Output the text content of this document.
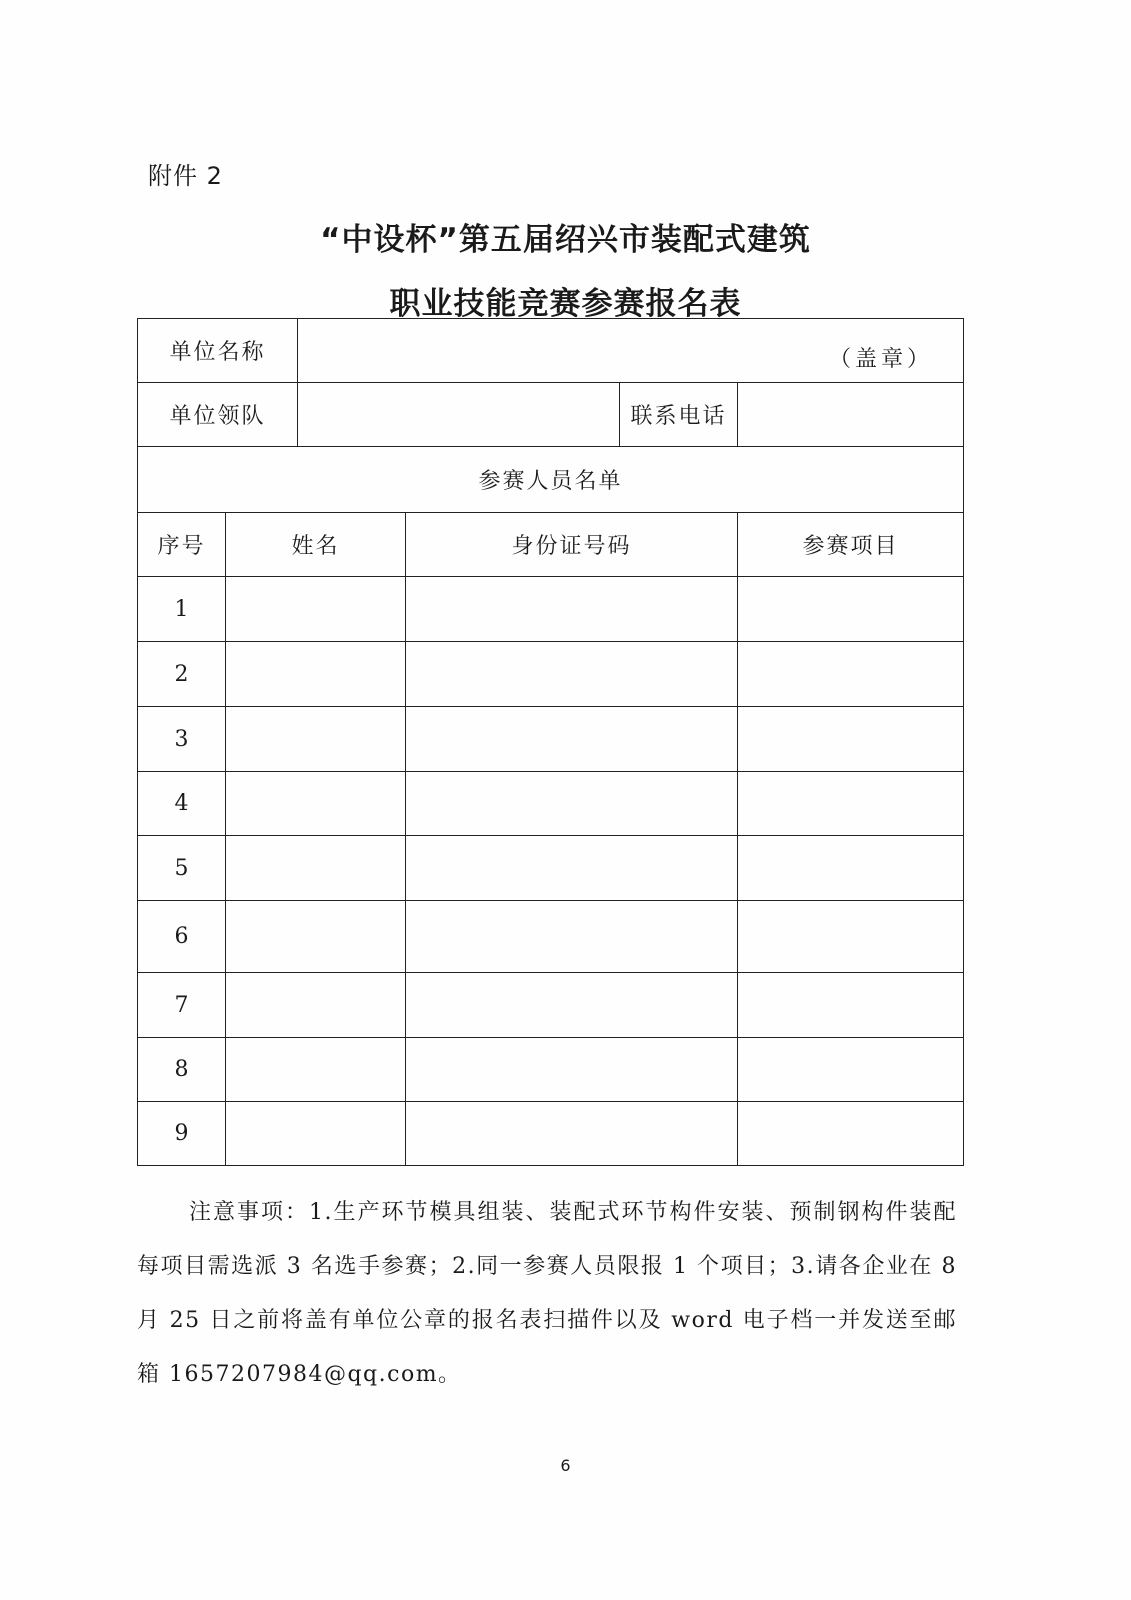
附件 2
“中设杯”第五届绍兴市装配式建筑
职业技能竞赛参赛报名表
单位名称		（盖章）			

单位领队				联系电话	
参赛人员名单					
序号	姓名		身份证号码		参赛项目
1					
2					
3					
4					
5					
6					
7					
8					
9					
注意事项：1.生产环节模具组装、装配式环节构件安装、预制钢构件装配每项目需选派 3 名选手参赛；2.同一参赛人员限报 1 个项目；3.请各企业在 8 月 25 日之前将盖有单位公章的报名表扫描件以及 word 电子档一并发送至邮箱 1657207984@qq.com。
6
